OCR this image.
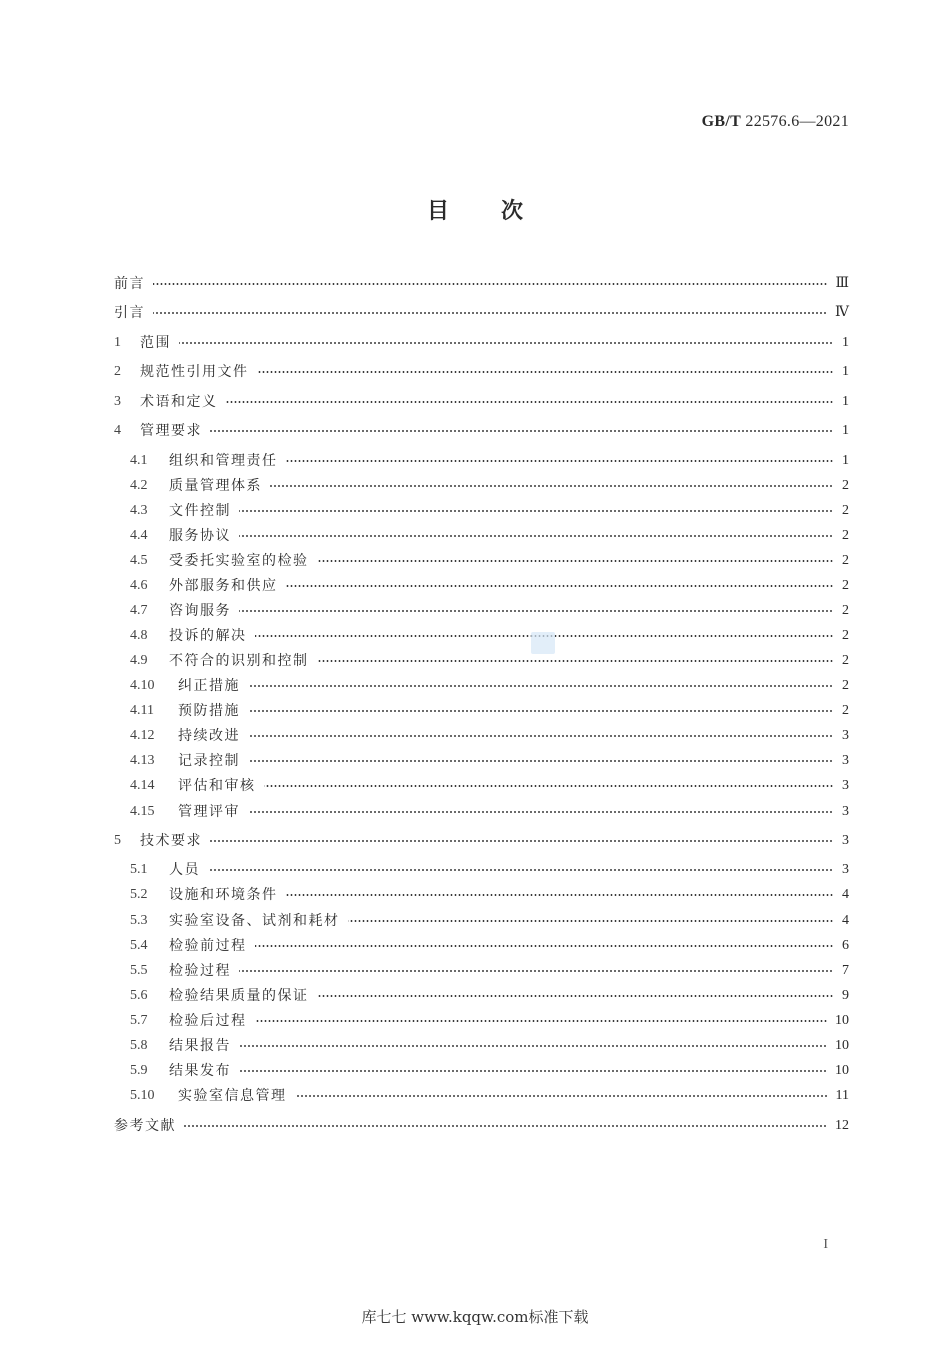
GB/T 22576.6—2021
目次
前言	Ⅲ
引言	Ⅳ
1	范围	1
2	规范性引用文件	1
3	术语和定义	1
4	管理要求	1
4.1	组织和管理责任	1
4.2	质量管理体系	2
4.3	文件控制	2
4.4	服务协议	2
4.5	受委托实验室的检验	2
4.6	外部服务和供应	2
4.7	咨询服务	2
4.8	投诉的解决	2
4.9	不符合的识别和控制	2
4.10	纠正措施	2
4.11	预防措施	2
4.12	持续改进	3
4.13	记录控制	3
4.14	评估和审核	3
4.15	管理评审	3
5	技术要求	3
5.1	人员	3
5.2	设施和环境条件	4
5.3	实验室设备、试剂和耗材	4
5.4	检验前过程	6
5.5	检验过程	7
5.6	检验结果质量的保证	9
5.7	检验后过程	10
5.8	结果报告	10
5.9	结果发布	10
5.10	实验室信息管理	11
参考文献	12
I
库七七 www.kqqw.com标准下载
